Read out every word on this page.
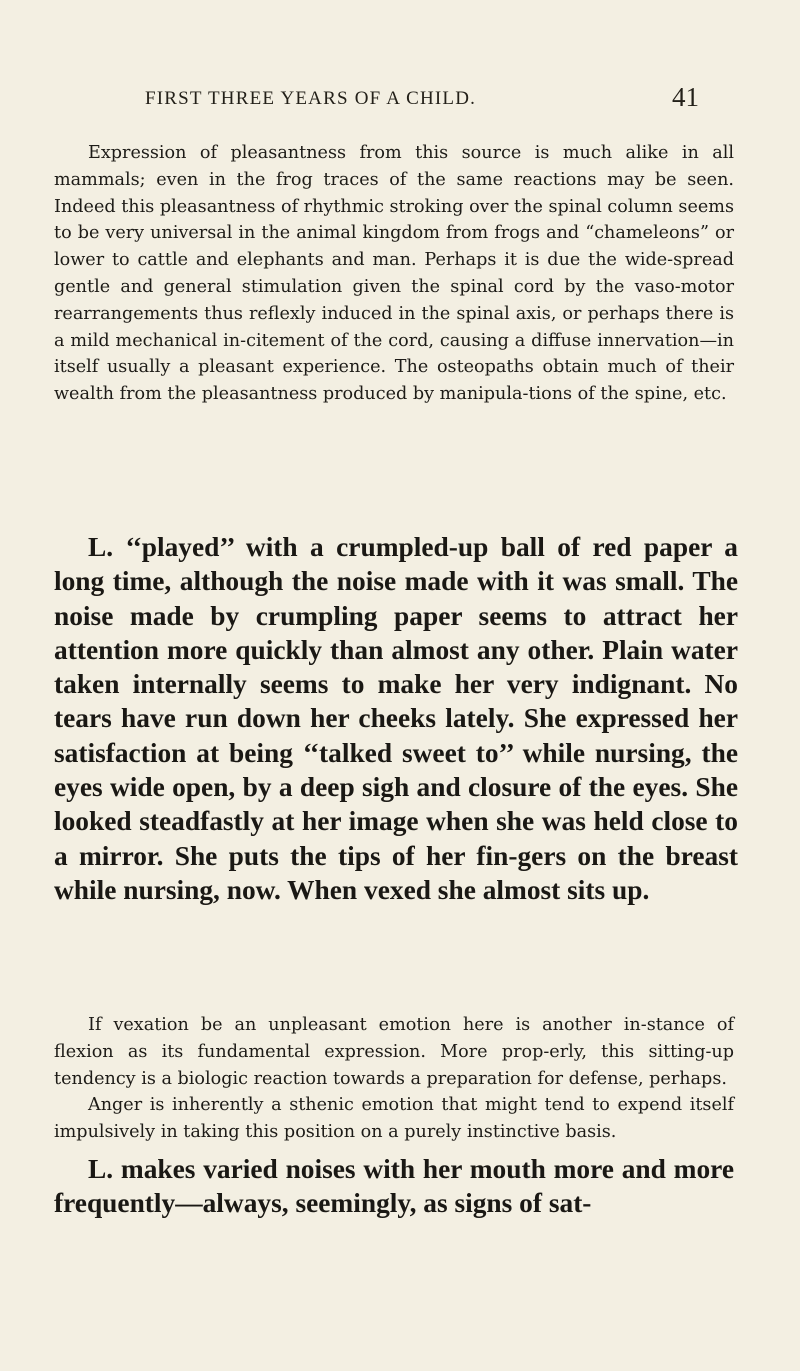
FIRST THREE YEARS OF A CHILD.	41

Expression of pleasantness from this source is much alike in all mammals; even in the frog traces of the same reactions may be seen. Indeed this pleasantness of rhythmic stroking over the spinal column seems to be very universal in the animal kingdom from frogs and “chameleons” or lower to cattle and elephants and man. Perhaps it is due the wide-spread gentle and general stimulation given the spinal cord by the vaso-motor rearrangements thus reflexly induced in the spinal axis, or perhaps there is a mild mechanical in-citement of the cord, causing a diffuse innervation—in itself usually a pleasant experience. The osteopaths obtain much of their wealth from the pleasantness produced by manipula-tions of the spine, etc.

L. ‘‘played’’ with a crumpled-up ball of red paper a long time, although the noise made with it was small. The noise made by crumpling paper seems to attract her attention more quickly than almost any other. Plain water taken internally seems to make her very indignant. No tears have run down her cheeks lately. She expressed her satisfaction at being ‘‘talked sweet to’’ while nursing, the eyes wide open, by a deep sigh and closure of the eyes. She looked steadfastly at her image when she was held close to a mirror. She puts the tips of her fin-gers on the breast while nursing, now. When vexed she almost sits up.

If vexation be an unpleasant emotion here is another in-stance of flexion as its fundamental expression. More prop-erly, this sitting-up tendency is a biologic reaction towards a preparation for defense, perhaps.

Anger is inherently a sthenic emotion that might tend to expend itself impulsively in taking this position on a purely instinctive basis.

L. makes varied noises with her mouth more and more frequently—always, seemingly, as signs of sat-
